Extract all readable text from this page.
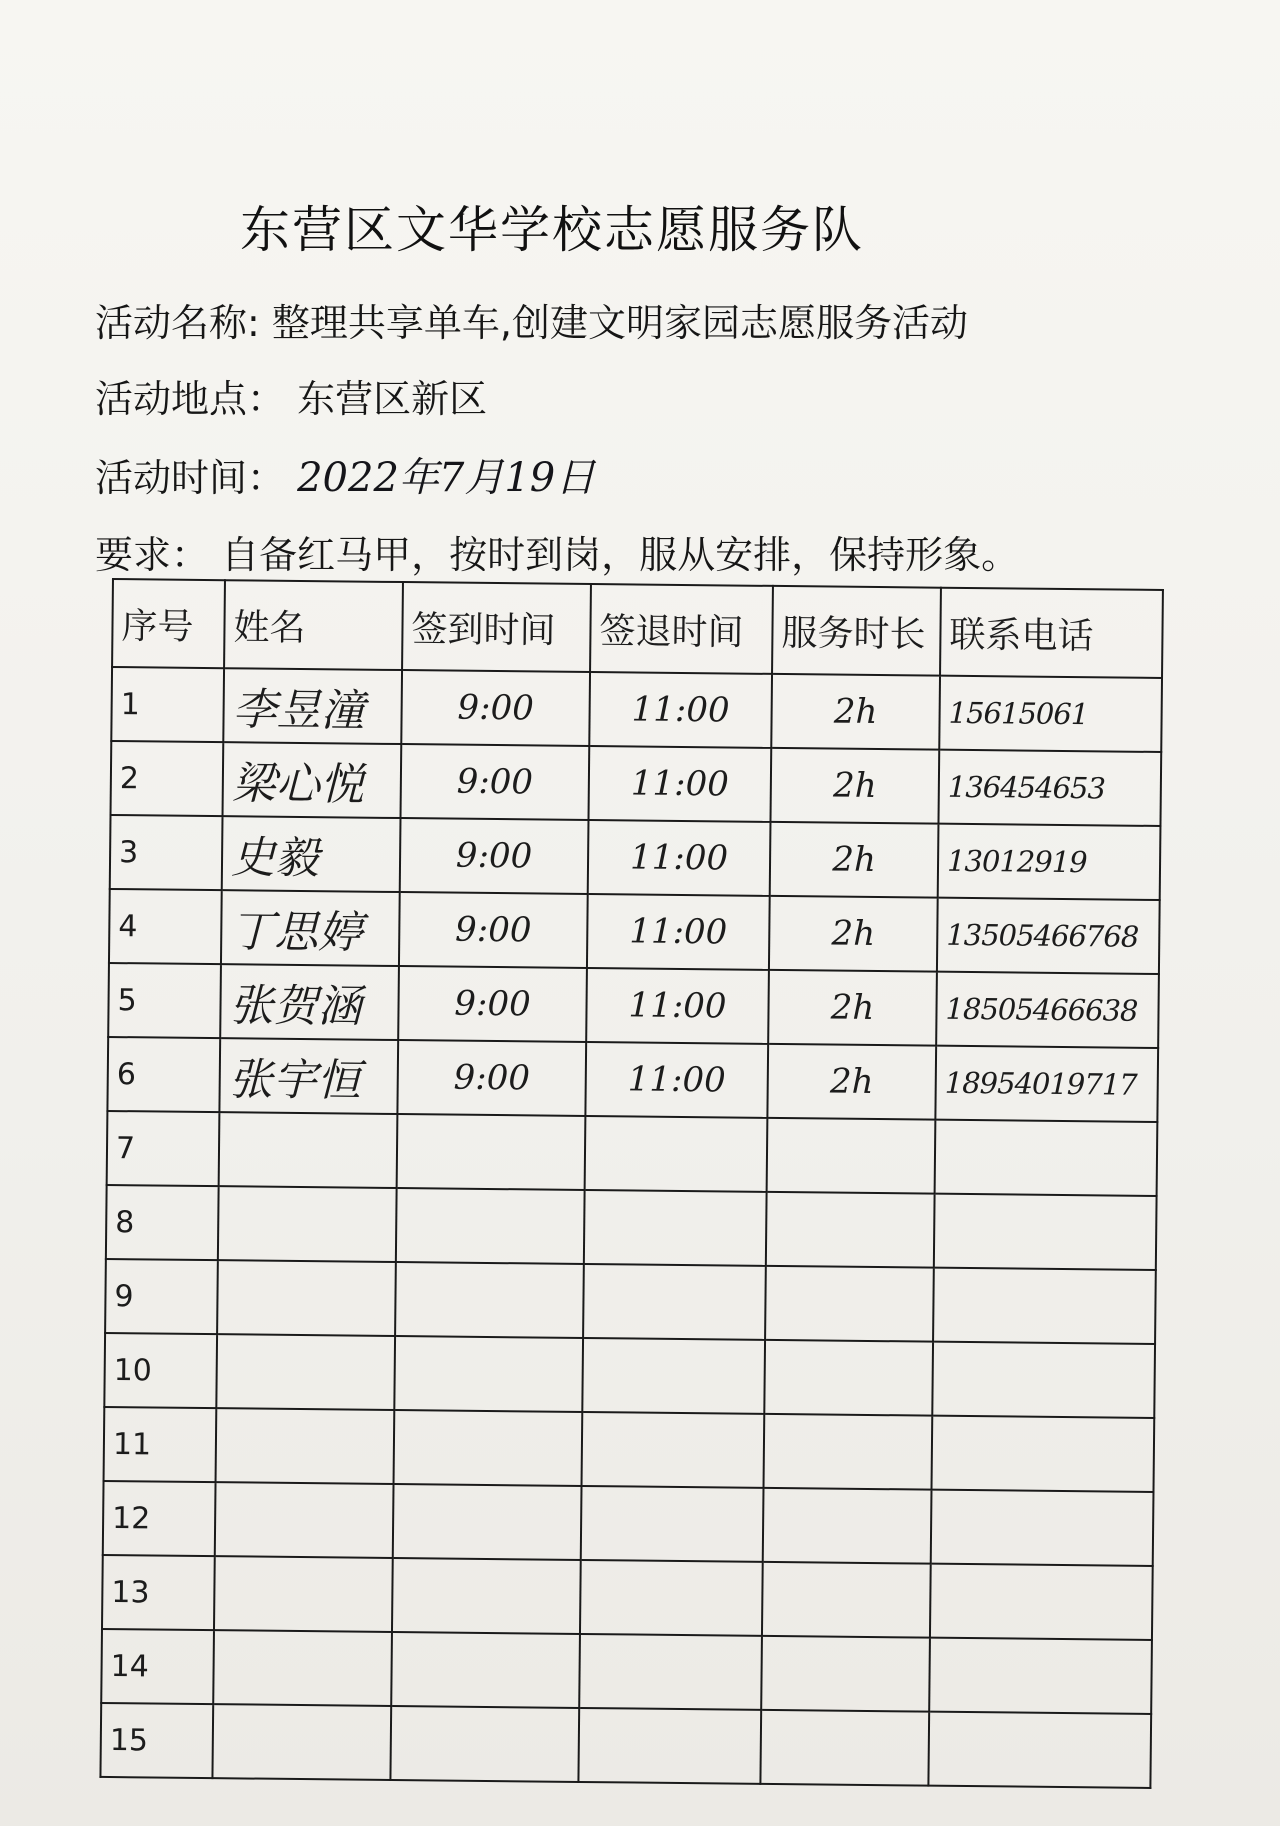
东营区文华学校志愿服务队
活动名称: 整理共享单车,创建文明家园志愿服务活动
活动地点： 东营区新区
活动时间： 2022年7月19日
要求： 自备红马甲，按时到岗，服从安排，保持形象。
序号	姓名	签到时间	签退时间	服务时长	联系电话
1	李昱潼	9:00	11:00	2h	15615061
2	梁心悦	9:00	11:00	2h	136454653
3	史毅	9:00	11:00	2h	13012919
4	丁思婷	9:00	11:00	2h	13505466768
5	张贺涵	9:00	11:00	2h	18505466638
6	张宇恒	9:00	11:00	2h	18954019717
7					
8					
9					
10					
11					
12					
13					
14					
15					
